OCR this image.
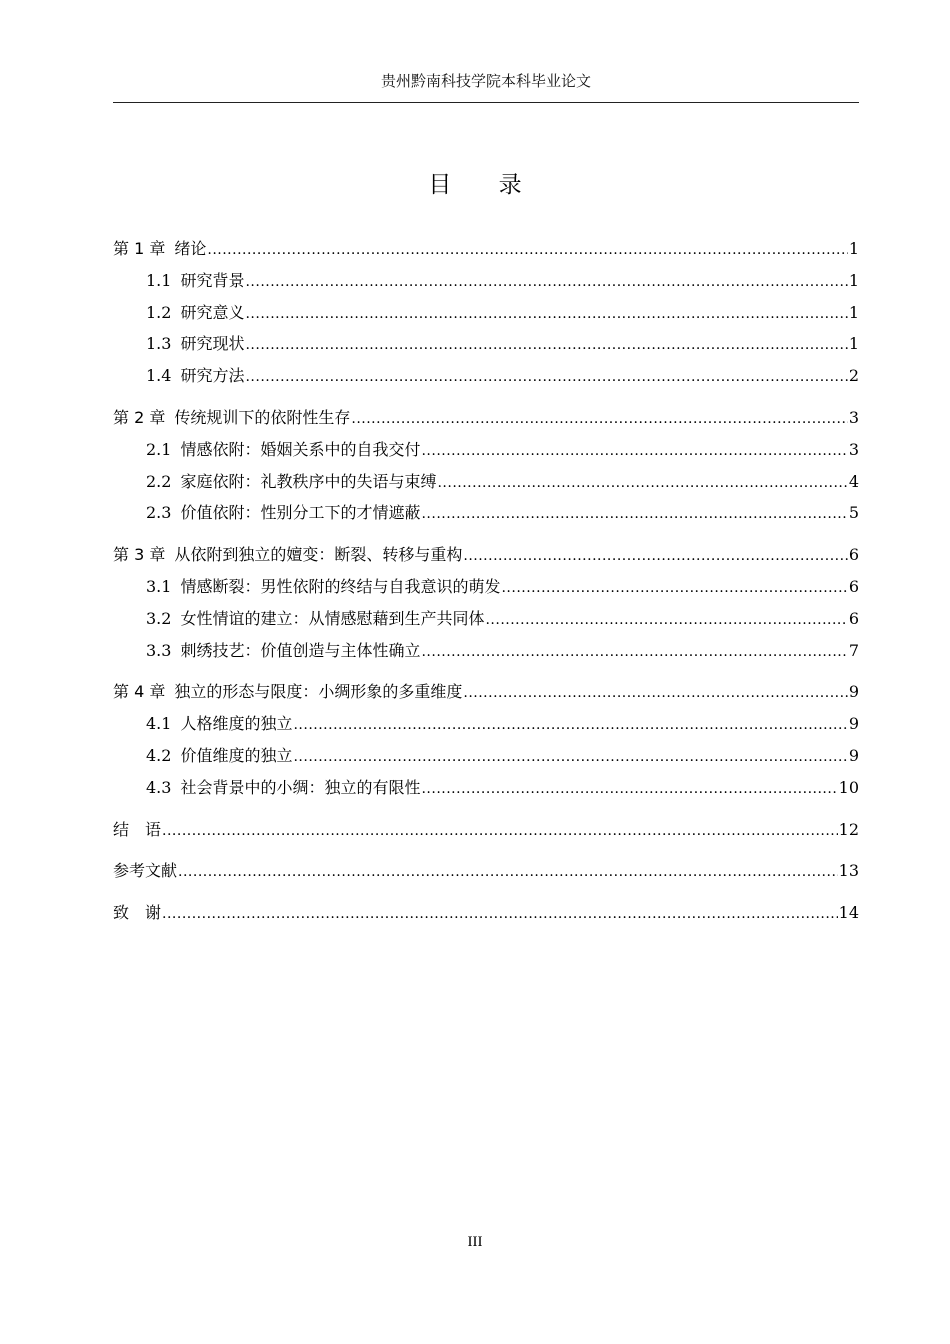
贵州黔南科技学院本科毕业论文
目 录
第 1 章 绪论 .....	1
1.1 研究背景 .....	1
1.2 研究意义 .....	1
1.3 研究现状 .....	1
1.4 研究方法 .....	2
第 2 章 传统规训下的依附性生存 .....	3
2.1 情感依附：婚姻关系中的自我交付 .....	3
2.2 家庭依附：礼教秩序中的失语与束缚 .....	4
2.3 价值依附：性别分工下的才情遮蔽 .....	5
第 3 章 从依附到独立的嬗变：断裂、转移与重构 .....	6
3.1 情感断裂：男性依附的终结与自我意识的萌发 .....	6
3.2 女性情谊的建立：从情感慰藉到生产共同体 .....	6
3.3 刺绣技艺：价值创造与主体性确立 .....	7
第 4 章 独立的形态与限度：小绸形象的多重维度 .....	9
4.1 人格维度的独立 .....	9
4.2 价值维度的独立 .....	9
4.3 社会背景中的小绸：独立的有限性 .....	10
结　语 .....	12
参考文献 .....	13
致　谢 .....	14
III
